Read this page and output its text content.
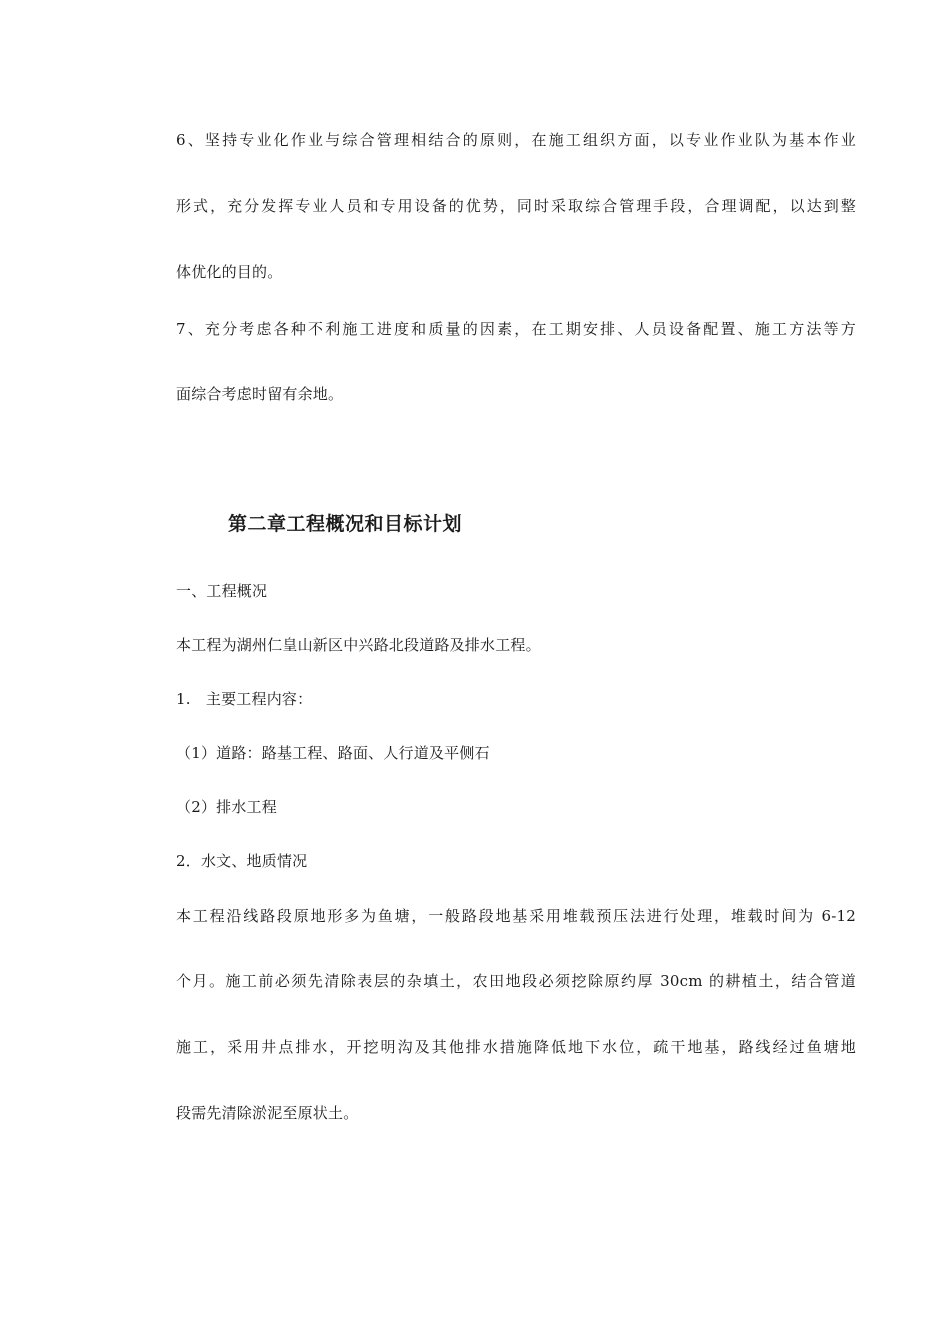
6、坚持专业化作业与综合管理相结合的原则，在施工组织方面，以专业作业队为基本作业
形式，充分发挥专业人员和专用设备的优势，同时采取综合管理手段，合理调配，以达到整
体优化的目的。
7、充分考虑各种不利施工进度和质量的因素，在工期安排、人员设备配置、施工方法等方
面综合考虑时留有余地。
第二章工程概况和目标计划
一、工程概况
本工程为湖州仁皇山新区中兴路北段道路及排水工程。
1.　主要工程内容：
（1）道路：路基工程、路面、人行道及平侧石
（2）排水工程
2．水文、地质情况
本工程沿线路段原地形多为鱼塘，一般路段地基采用堆载预压法进行处理，堆载时间为 6-12
个月。施工前必须先清除表层的杂填土，农田地段必须挖除原约厚 30cm 的耕植土，结合管道
施工，采用井点排水，开挖明沟及其他排水措施降低地下水位，疏干地基，路线经过鱼塘地
段需先清除淤泥至原状土。
